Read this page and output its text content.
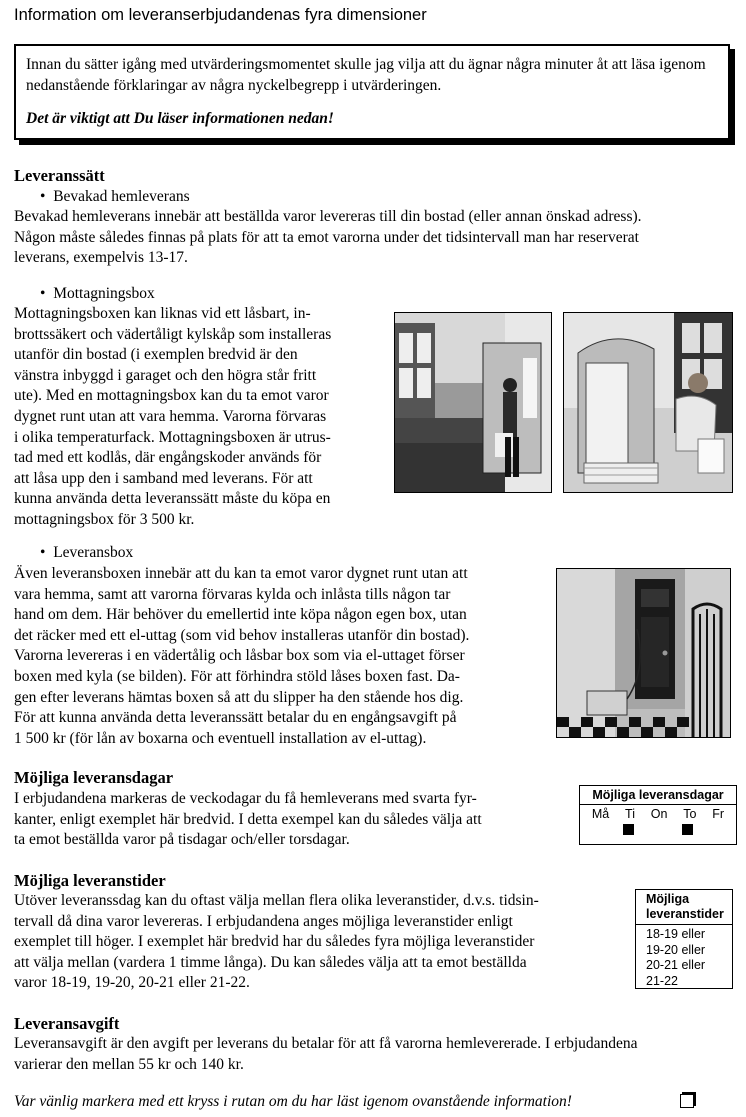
Information om leveranserbjudandenas fyra dimensioner

Innan du sätter igång med utvärderingsmomentet skulle jag vilja att du ägnar några minuter åt att läsa igenom nedanstående förklaringar av några nyckelbegrepp i utvärderingen.

Det är viktigt att Du läser informationen nedan!

Leveranssätt
• Bevakad hemleverans
Bevakad hemleverans innebär att beställda varor levereras till din bostad (eller annan önskad adress).
Någon måste således finnas på plats för att ta emot varorna under det tidsintervall man har reserverat
leverans, exempelvis 13-17.
• Mottagningsbox
Mottagningsboxen kan liknas vid ett låsbart, in-
brottssäkert och vädertåligt kylskåp som installeras
utanför din bostad (i exemplen bredvid är den
vänstra inbyggd i garaget och den högra står fritt
ute). Med en mottagningsbox kan du ta emot varor
dygnet runt utan att vara hemma. Varorna förvaras
i olika temperaturfack. Mottagningsboxen är utrus-
tad med ett kodlås, där engångskoder används för
att låsa upp den i samband med leverans. För att
kunna använda detta leveranssätt måste du köpa en
mottagningsbox för 3 500 kr.
• Leveransbox
Även leveransboxen innebär att du kan ta emot varor dygnet runt utan att
vara hemma, samt att varorna förvaras kylda och inlåsta tills någon tar
hand om dem. Här behöver du emellertid inte köpa någon egen box, utan
det räcker med ett el-uttag (som vid behov installeras utanför din bostad).
Varorna levereras i en vädertålig och låsbar box som via el-uttaget förser
boxen med kyla (se bilden). För att förhindra stöld låses boxen fast. Da-
gen efter leverans hämtas boxen så att du slipper ha den stående hos dig.
För att kunna använda detta leveranssätt betalar du en engångsavgift på
1 500 kr (för lån av boxarna och eventuell installation av el-uttag).
Möjliga leveransdagar
I erbjudandena markeras de veckodagar du få hemleverans med svarta fyr-
kanter, enligt exemplet här bredvid. I detta exempel kan du således välja att
ta emot beställda varor på tisdagar och/eller torsdagar.
Möjliga leveransdagar
Må Ti On To Fr
Möjliga leveranstider
Utöver leveranssdag kan du oftast välja mellan flera olika leveranstider, d.v.s. tidsin-
tervall då dina varor levereras. I erbjudandena anges möjliga leveranstider enligt
exemplet till höger. I exemplet här bredvid har du således fyra möjliga leveranstider
att välja mellan (vardera 1 timme långa). Du kan således välja att ta emot beställda
varor 18-19, 19-20, 20-21 eller 21-22.
Möjliga
leveranstider
18-19 eller
19-20 eller
20-21 eller
21-22
Leveransavgift
Leveransavgift är den avgift per leverans du betalar för att få varorna hemlevererade. I erbjudandena
varierar den mellan 55 kr och 140 kr.
Var vänlig markera med ett kryss i rutan om du har läst igenom ovanstående information!
